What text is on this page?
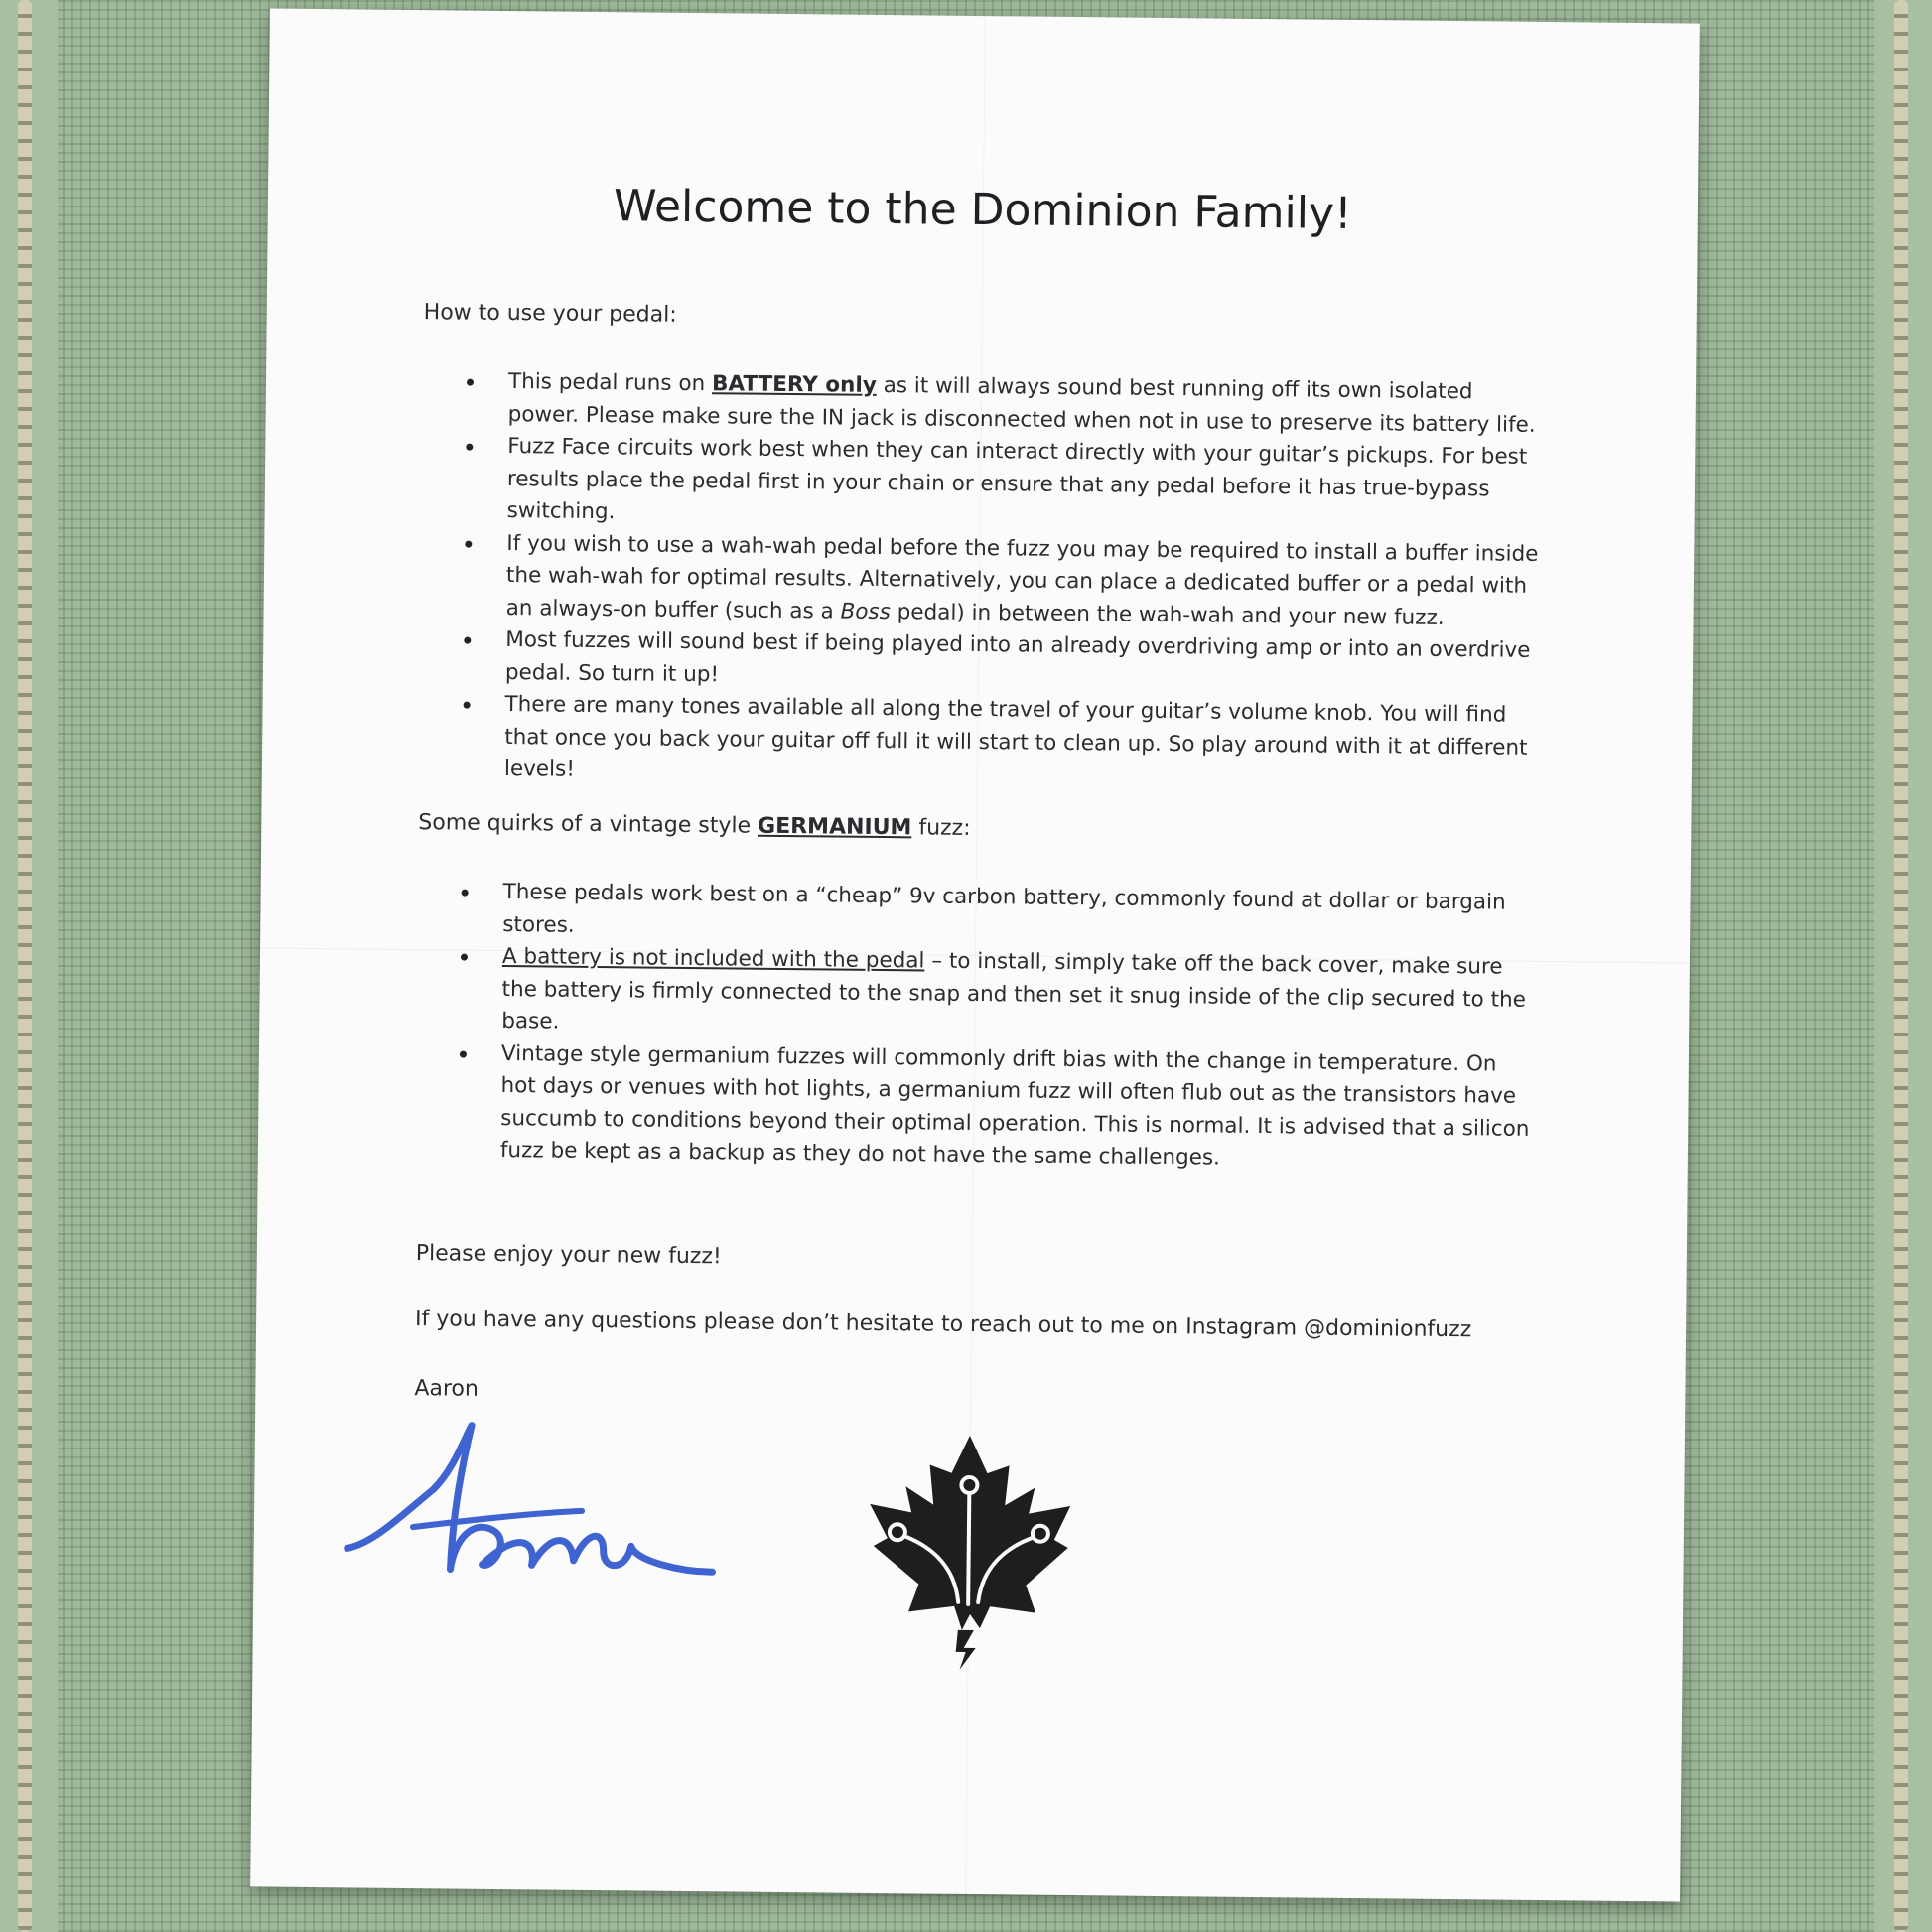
Welcome to the Dominion Family!
How to use your pedal:
This pedal runs on BATTERY only as it will always sound best running off its own isolated power. Please make sure the IN jack is disconnected when not in use to preserve its battery life.
Fuzz Face circuits work best when they can interact directly with your guitar’s pickups. For best results place the pedal first in your chain or ensure that any pedal before it has true-bypass switching.
If you wish to use a wah-wah pedal before the fuzz you may be required to install a buffer inside the wah-wah for optimal results. Alternatively, you can place a dedicated buffer or a pedal with an always-on buffer (such as a Boss pedal) in between the wah-wah and your new fuzz.
Most fuzzes will sound best if being played into an already overdriving amp or into an overdrive pedal. So turn it up!
There are many tones available all along the travel of your guitar’s volume knob. You will find that once you back your guitar off full it will start to clean up. So play around with it at different levels!
Some quirks of a vintage style GERMANIUM fuzz:
These pedals work best on a “cheap” 9v carbon battery, commonly found at dollar or bargain stores.
A battery is not included with the pedal – to install, simply take off the back cover, make sure the battery is firmly connected to the snap and then set it snug inside of the clip secured to the base.
Vintage style germanium fuzzes will commonly drift bias with the change in temperature. On hot days or venues with hot lights, a germanium fuzz will often flub out as the transistors have succumb to conditions beyond their optimal operation. This is normal. It is advised that a silicon fuzz be kept as a backup as they do not have the same challenges.
Please enjoy your new fuzz!
If you have any questions please don’t hesitate to reach out to me on Instagram @dominionfuzz
Aaron
